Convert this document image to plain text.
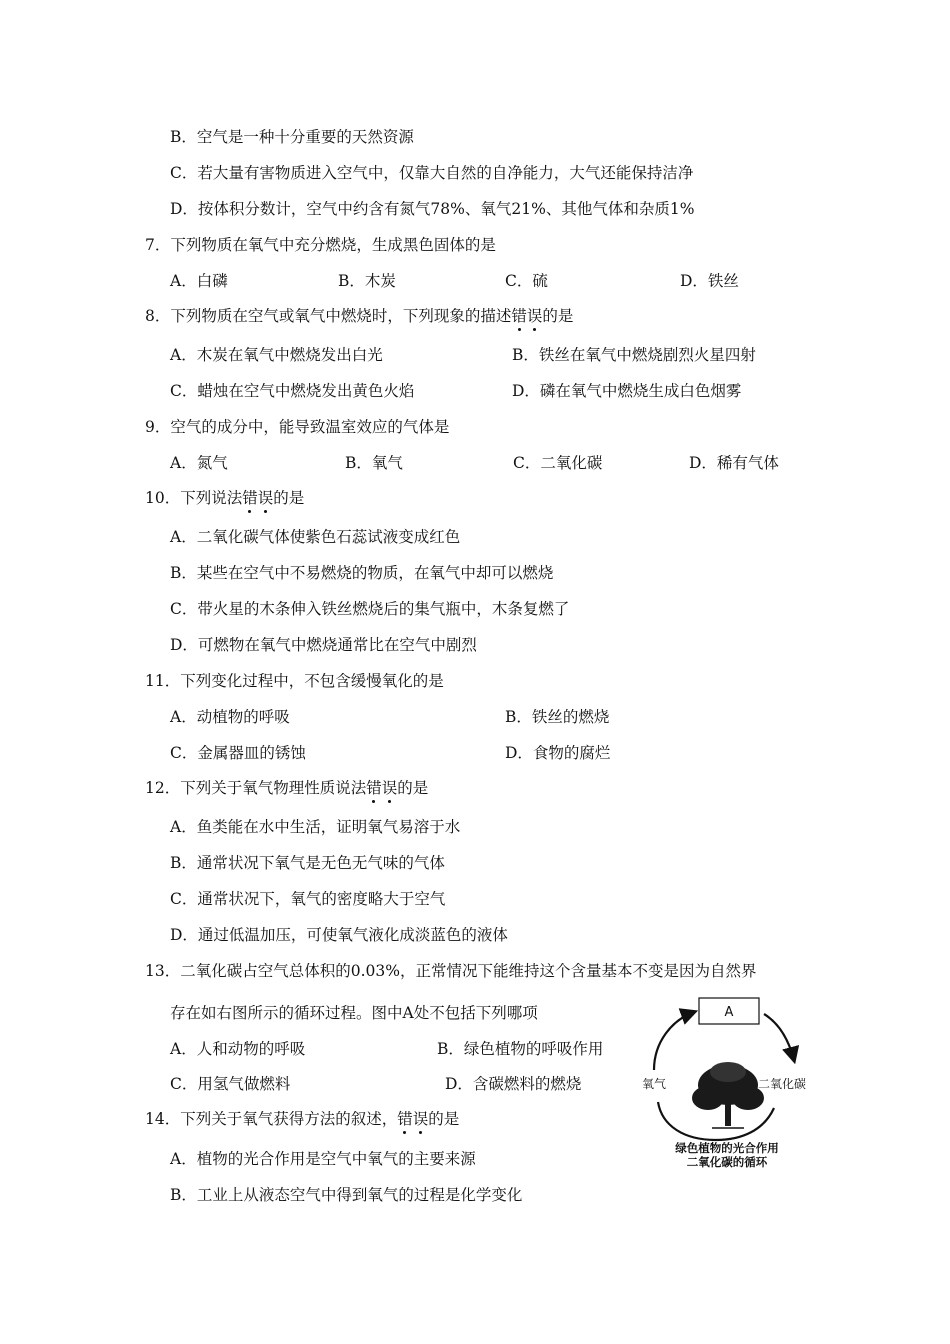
B．空气是一种十分重要的天然资源
C．若大量有害物质进入空气中，仅靠大自然的自净能力，大气还能保持洁净
D．按体积分数计，空气中约含有氮气78%、氧气21%、其他气体和杂质1%
7．下列物质在氧气中充分燃烧，生成黑色固体的是
A．白磷	B．木炭	C．硫	D．铁丝
8．下列物质在空气或氧气中燃烧时，下列现象的描述错误的是
A．木炭在氧气中燃烧发出白光	B．铁丝在氧气中燃烧剧烈火星四射
C．蜡烛在空气中燃烧发出黄色火焰	D．磷在氧气中燃烧生成白色烟雾
9．空气的成分中，能导致温室效应的气体是
A．氮气	B．氧气	C．二氧化碳	D．稀有气体
10．下列说法错误的是
A．二氧化碳气体使紫色石蕊试液变成红色
B．某些在空气中不易燃烧的物质，在氧气中却可以燃烧
C．带火星的木条伸入铁丝燃烧后的集气瓶中，木条复燃了
D．可燃物在氧气中燃烧通常比在空气中剧烈
11．下列变化过程中，不包含缓慢氧化的是
A．动植物的呼吸	B．铁丝的燃烧
C．金属器皿的锈蚀	D．食物的腐烂
12．下列关于氧气物理性质说法错误的是
A．鱼类能在水中生活，证明氧气易溶于水
B．通常状况下氧气是无色无气味的气体
C．通常状况下，氧气的密度略大于空气
D．通过低温加压，可使氧气液化成淡蓝色的液体
13．二氧化碳占空气总体积的0.03%，正常情况下能维持这个含量基本不变是因为自然界
存在如右图所示的循环过程。图中A处不包括下列哪项
A．人和动物的呼吸	B．绿色植物的呼吸作用
C．用氢气做燃料	D．含碳燃料的燃烧
14．下列关于氧气获得方法的叙述，错误的是
A．植物的光合作用是空气中氧气的主要来源
B．工业上从液态空气中得到氧气的过程是化学变化
A
氧气	二氧化碳
绿色植物的光合作用
二氧化碳的循环
